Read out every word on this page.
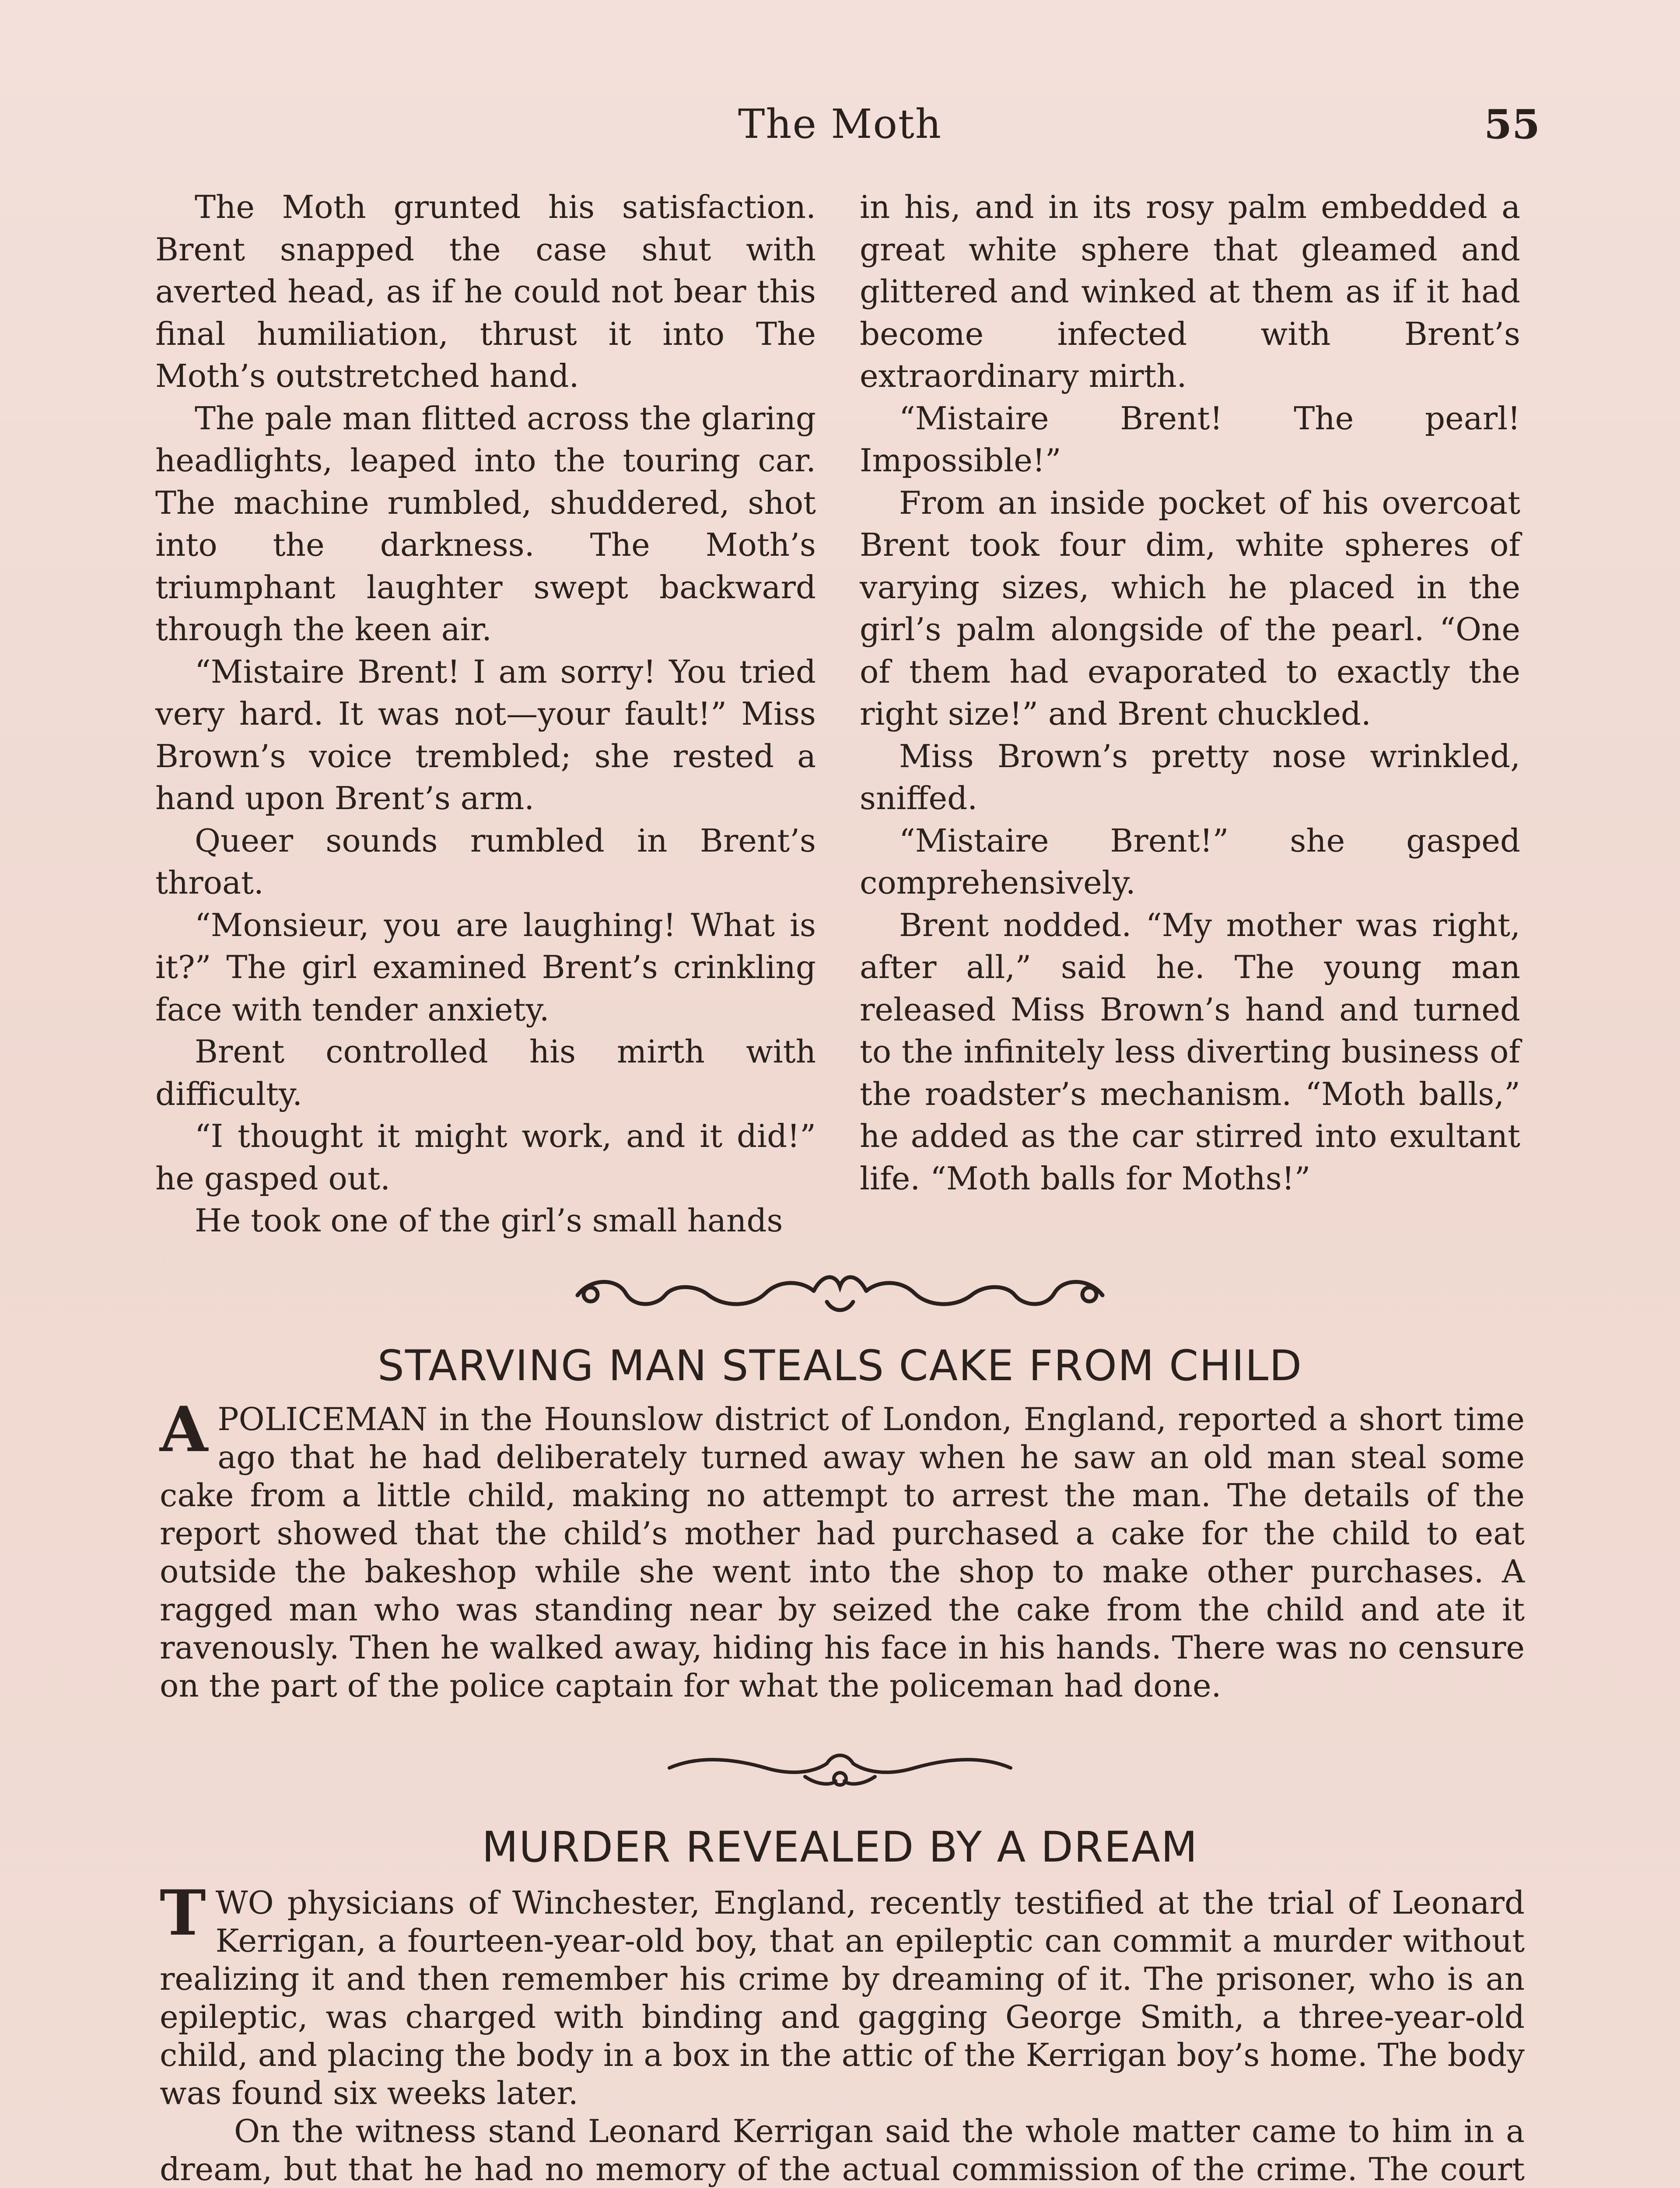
The Moth	55

The Moth grunted his satisfaction. Brent snapped the case shut with averted head, as if he could not bear this final humiliation, thrust it into The Moth’s outstretched hand.

The pale man flitted across the glaring headlights, leaped into the touring car. The machine rumbled, shuddered, shot into the darkness. The Moth’s triumphant laughter swept backward through the keen air.

“Mistaire Brent! I am sorry! You tried very hard. It was not—your fault!” Miss Brown’s voice trembled; she rested a hand upon Brent’s arm.

Queer sounds rumbled in Brent’s throat.

“Monsieur, you are laughing! What is it?” The girl examined Brent’s crinkling face with tender anxiety.

Brent controlled his mirth with difficulty.

“I thought it might work, and it did!” he gasped out.

He took one of the girl’s small hands

in his, and in its rosy palm embedded a great white sphere that gleamed and glittered and winked at them as if it had become infected with Brent’s extraordinary mirth.

“Mistaire Brent! The pearl! Impossible!”

From an inside pocket of his overcoat Brent took four dim, white spheres of varying sizes, which he placed in the girl’s palm alongside of the pearl. “One of them had evaporated to exactly the right size!” and Brent chuckled.

Miss Brown’s pretty nose wrinkled, sniffed.

“Mistaire Brent!” she gasped comprehensively.

Brent nodded. “My mother was right, after all,” said he. The young man released Miss Brown’s hand and turned to the infinitely less diverting business of the roadster’s mechanism. “Moth balls,” he added as the car stirred into exultant life. “Moth balls for Moths!”

STARVING MAN STEALS CAKE FROM CHILD

APOLICEMAN in the Hounslow district of London, England, reported a short time ago that he had deliberately turned away when he saw an old man steal some cake from a little child, making no attempt to arrest the man. The details of the report showed that the child’s mother had purchased a cake for the child to eat outside the bakeshop while she went into the shop to make other purchases. A ragged man who was standing near by seized the cake from the child and ate it ravenously. Then he walked away, hiding his face in his hands. There was no censure on the part of the police captain for what the policeman had done.

MURDER REVEALED BY A DREAM

TWO physicians of Winchester, England, recently testified at the trial of Leonard Kerrigan, a fourteen-year-old boy, that an epileptic can commit a murder without realizing it and then remember his crime by dreaming of it. The prisoner, who is an epileptic, was charged with binding and gagging George Smith, a three-year-old child, and placing the body in a box in the attic of the Kerrigan boy’s home. The body was found six weeks later.

On the witness stand Leonard Kerrigan said the whole matter came to him in a dream, but that he had no memory of the actual commission of the crime. The court
